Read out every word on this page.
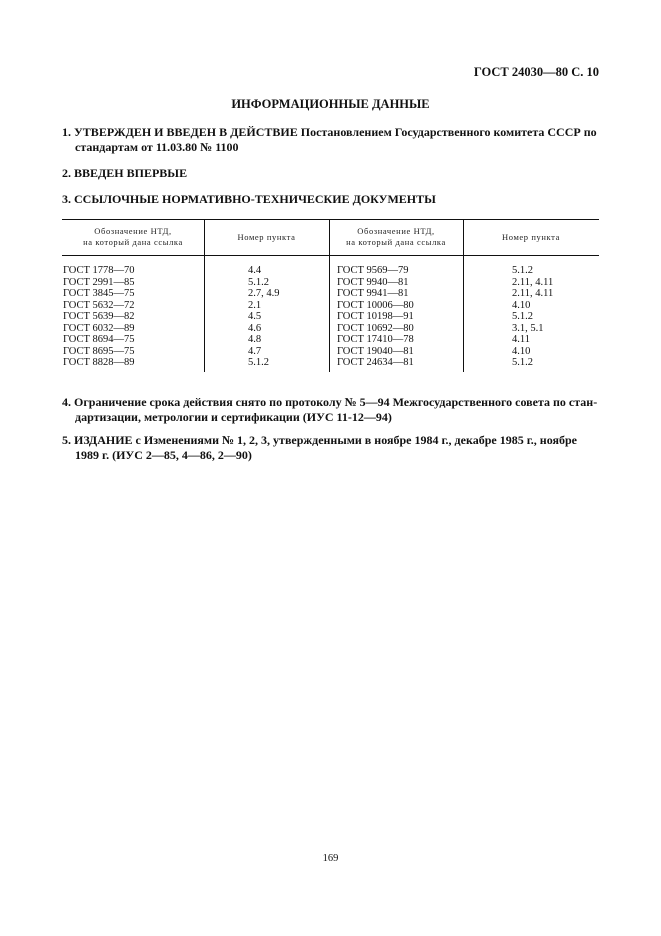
ГОСТ 24030—80 С. 10
ИНФОРМАЦИОННЫЕ ДАННЫЕ
1. УТВЕРЖДЕН И ВВЕДЕН В ДЕЙСТВИЕ Постановлением Государственного комитета СССР по
стандартам от 11.03.80 № 1100
2. ВВЕДЕН ВПЕРВЫЕ
3. ССЫЛОЧНЫЕ НОРМАТИВНО-ТЕХНИЧЕСКИЕ ДОКУМЕНТЫ
Обозначение НТД,
на который дана ссылка
Номер пункта
Обозначение НТД,
на который дана ссылка
Номер пункта
ГОСТ 1778—70
ГОСТ 2991—85
ГОСТ 3845—75
ГОСТ 5632—72
ГОСТ 5639—82
ГОСТ 6032—89
ГОСТ 8694—75
ГОСТ 8695—75
ГОСТ 8828—89
4.4
5.1.2
2.7, 4.9
2.1
4.5
4.6
4.8
4.7
5.1.2
ГОСТ 9569—79
ГОСТ 9940—81
ГОСТ 9941—81
ГОСТ 10006—80
ГОСТ 10198—91
ГОСТ 10692—80
ГОСТ 17410—78
ГОСТ 19040—81
ГОСТ 24634—81
5.1.2
2.11, 4.11
2.11, 4.11
4.10
5.1.2
3.1, 5.1
4.11
4.10
5.1.2
4. Ограничение срока действия снято по протоколу № 5—94 Межгосударственного совета по стан-
дартизации, метрологии и сертификации (ИУС 11-12—94)
5. ИЗДАНИЕ с Изменениями № 1, 2, 3, утвержденными в ноябре 1984 г., декабре 1985 г., ноябре
1989 г. (ИУС 2—85, 4—86, 2—90)
169
